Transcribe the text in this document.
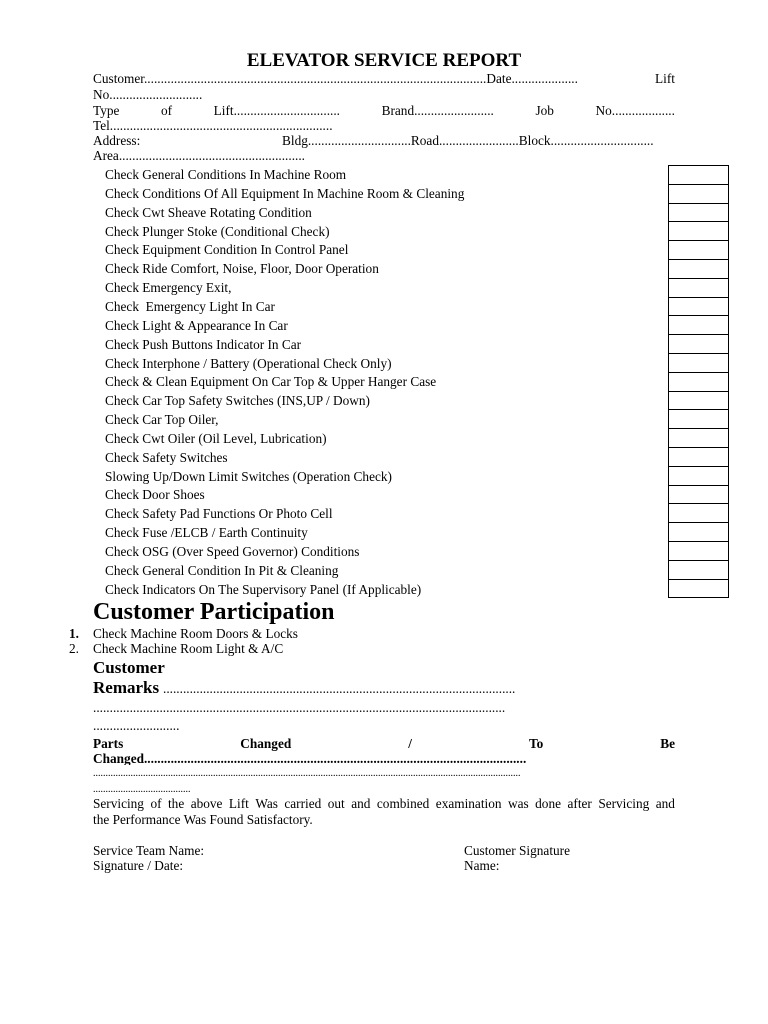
ELEVATOR SERVICE REPORT
Customer.......................................................................................................Date....................	Lift
No............................
Type	of	Lift................................	Brand........................	Job	No...................
Tel...................................................................
Address:	Bldg...............................Road........................Block...............................
Area........................................................
Check General Conditions In Machine Room
Check Conditions Of All Equipment In Machine Room & Cleaning
Check Cwt Sheave Rotating Condition
Check Plunger Stoke (Conditional Check)
Check Equipment Condition In Control Panel
Check Ride Comfort, Noise, Floor, Door Operation
Check Emergency Exit,
Check  Emergency Light In Car
Check Light & Appearance In Car
Check Push Buttons Indicator In Car
Check Interphone / Battery (Operational Check Only)
Check & Clean Equipment On Car Top & Upper Hanger Case
Check Car Top Safety Switches (INS,UP / Down)
Check Car Top Oiler,
Check Cwt Oiler (Oil Level, Lubrication)
Check Safety Switches
Slowing Up/Down Limit Switches (Operation Check)
Check Door Shoes
Check Safety Pad Functions Or Photo Cell
Check Fuse /ELCB / Earth Continuity
Check OSG (Over Speed Governor) Conditions
Check General Condition In Pit & Cleaning
Check Indicators On The Supervisory Panel (If Applicable)
Customer Participation
1. Check Machine Room Doors & Locks
2. Check Machine Room Light & A/C
Customer
Remarks ..........................................................................................................
............................................................................................................................
..........................
Parts	Changed	/	To	Be
Changed...................................................................................................................
...........................................................................................................................................................................
.......................................
Servicing of the above Lift Was carried out and combined examination was done after Servicing and
the Performance Was Found Satisfactory.
Service Team Name:
Signature / Date:
Customer Signature
Name:
